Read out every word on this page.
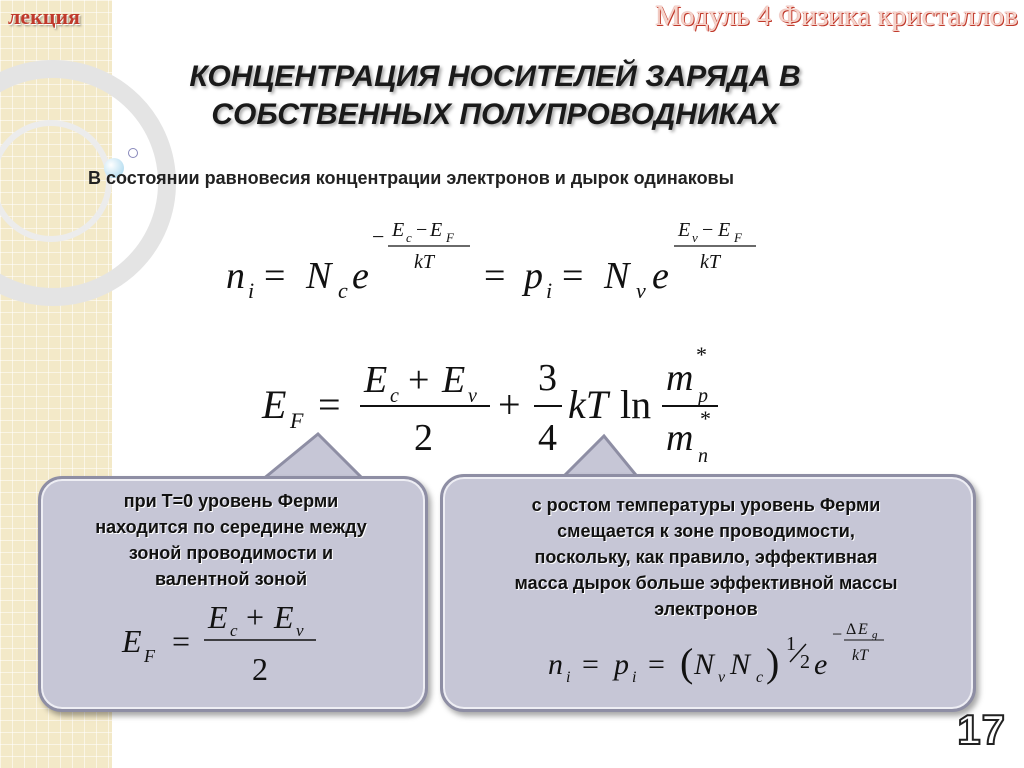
лекция	Модуль 4 Физика кристаллов
КОНЦЕНТРАЦИЯ НОСИТЕЛЕЙ ЗАРЯДА В
СОБСТВЕННЫХ ПОЛУПРОВОДНИКАХ
В состоянии равновесия концентрации электронов и дырок одинаковы
n i = N c e
− E c − E F
kT = p i = N v e
E v − E F
kT
E F =
E c + E v
2
+
3
4
kT ln
m p
*
m n
*
при Т=0 уровень Ферми
находится по середине между
зоной проводимости и
валентной зоной
E F =
E c + E v
2
с ростом температуры уровень Ферми
смещается к зоне проводимости,
поскольку, как правило, эффективная
масса дырок больше эффективной массы
электронов
n i = p i = ( N v N c ) 1
2 e
− Δ E g
kT
17
